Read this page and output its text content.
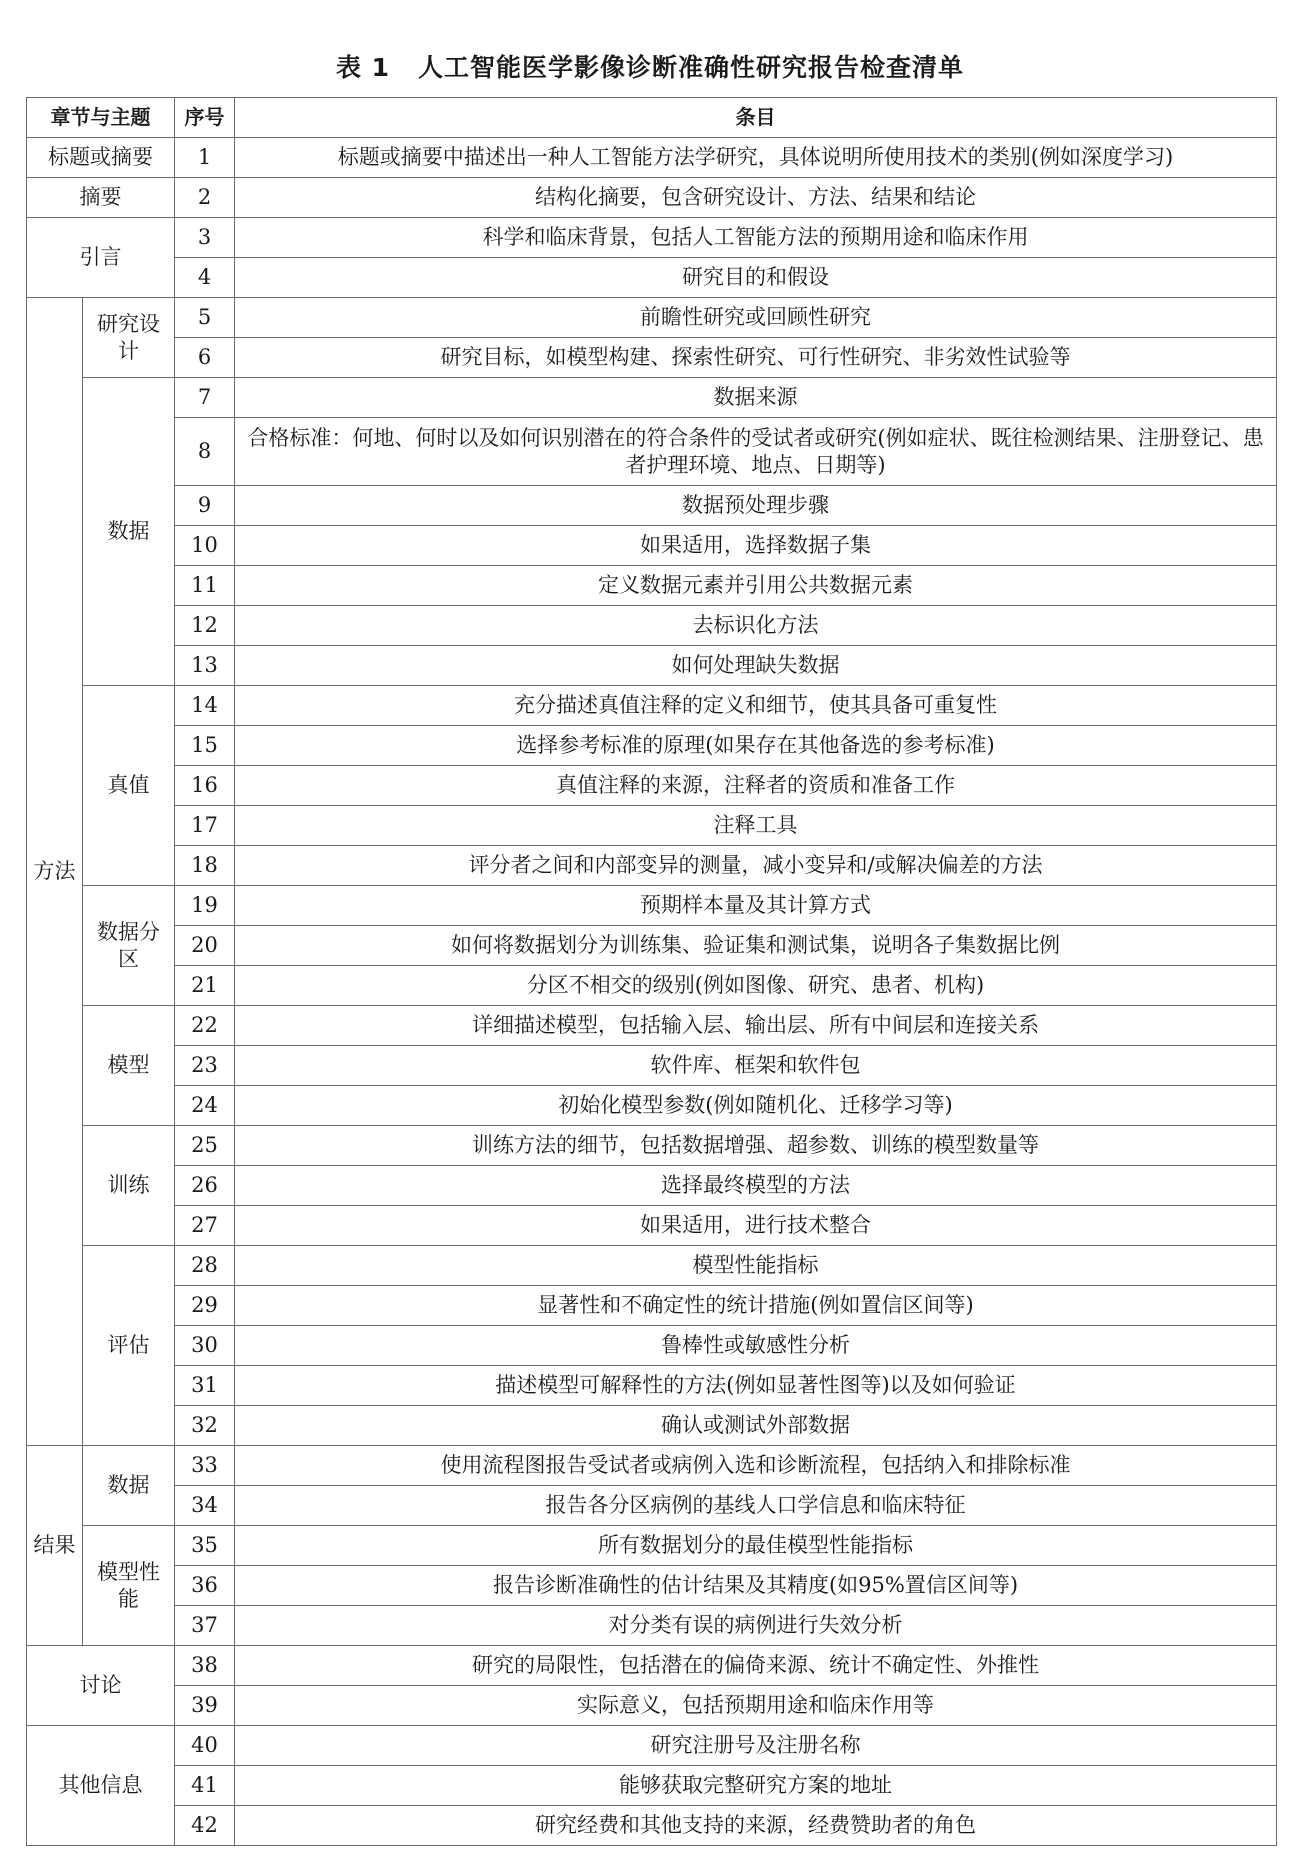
表 1 人工智能医学影像诊断准确性研究报告检查清单
章节与主题		序号	条目
标题或摘要		1	标题或摘要中描述出一种人工智能方法学研究，具体说明所使用技术的类别(例如深度学习)
摘要		2	结构化摘要，包含研究设计、方法、结果和结论
引言		3	科学和临床背景，包括人工智能方法的预期用途和临床作用
		4	研究目的和假设
方法	研究设计	5	前瞻性研究或回顾性研究
		6	研究目标，如模型构建、探索性研究、可行性研究、非劣效性试验等
	数据	7	数据来源
		8	合格标准：何地、何时以及如何识别潜在的符合条件的受试者或研究(例如症状、既往检测结果、注册登记、患者护理环境、地点、日期等)
		9	数据预处理步骤
		10	如果适用，选择数据子集
		11	定义数据元素并引用公共数据元素
		12	去标识化方法
		13	如何处理缺失数据
	真值	14	充分描述真值注释的定义和细节，使其具备可重复性
		15	选择参考标准的原理(如果存在其他备选的参考标准)
		16	真值注释的来源，注释者的资质和准备工作
		17	注释工具
		18	评分者之间和内部变异的测量，减小变异和/或解决偏差的方法
	数据分区	19	预期样本量及其计算方式
		20	如何将数据划分为训练集、验证集和测试集，说明各子集数据比例
		21	分区不相交的级别(例如图像、研究、患者、机构)
	模型	22	详细描述模型，包括输入层、输出层、所有中间层和连接关系
		23	软件库、框架和软件包
		24	初始化模型参数(例如随机化、迁移学习等)
	训练	25	训练方法的细节，包括数据增强、超参数、训练的模型数量等
		26	选择最终模型的方法
		27	如果适用，进行技术整合
	评估	28	模型性能指标
		29	显著性和不确定性的统计措施(例如置信区间等)
		30	鲁棒性或敏感性分析
		31	描述模型可解释性的方法(例如显著性图等)以及如何验证
		32	确认或测试外部数据
结果	数据	33	使用流程图报告受试者或病例入选和诊断流程，包括纳入和排除标准
		34	报告各分区病例的基线人口学信息和临床特征
	模型性能	35	所有数据划分的最佳模型性能指标
		36	报告诊断准确性的估计结果及其精度(如95%置信区间等)
		37	对分类有误的病例进行失效分析
讨论		38	研究的局限性，包括潜在的偏倚来源、统计不确定性、外推性
		39	实际意义，包括预期用途和临床作用等
其他信息		40	研究注册号及注册名称
		41	能够获取完整研究方案的地址
		42	研究经费和其他支持的来源，经费赞助者的角色
